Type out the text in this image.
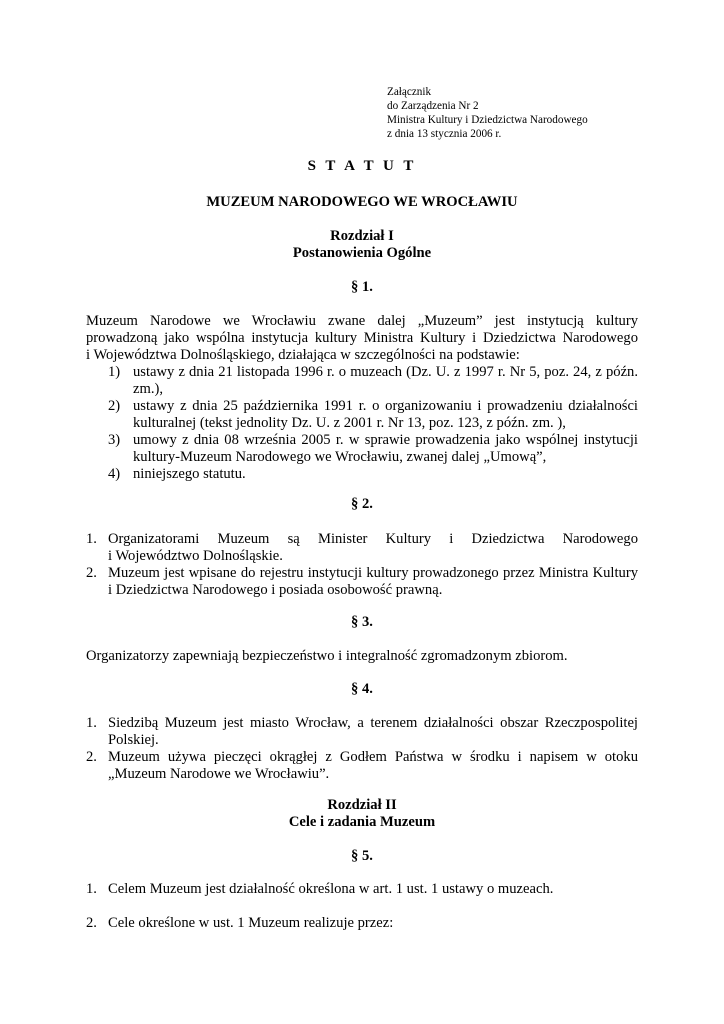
Załącznik
do Zarządzenia Nr 2
Ministra Kultury i Dziedzictwa Narodowego
z dnia 13 stycznia 2006 r.
S T A T U T
MUZEUM NARODOWEGO WE WROCŁAWIU
Rozdział I
Postanowienia Ogólne
§ 1.
Muzeum Narodowe we Wrocławiu zwane dalej „Muzeum” jest instytucją kultury
prowadzoną jako wspólna instytucja kultury Ministra Kultury i Dziedzictwa Narodowego
i Województwa Dolnośląskiego, działająca w szczególności na podstawie:
1) ustawy z dnia 21 listopada 1996 r. o muzeach (Dz. U. z 1997 r. Nr 5, poz. 24, z późn.
zm.),
2) ustawy z dnia 25 października 1991 r. o organizowaniu i prowadzeniu działalności
kulturalnej (tekst jednolity Dz. U. z 2001 r. Nr 13, poz. 123, z późn. zm. ),
3) umowy z dnia 08 września 2005 r. w sprawie prowadzenia jako wspólnej instytucji
kultury-Muzeum Narodowego we Wrocławiu, zwanej dalej „Umową”,
4) niniejszego statutu.
§ 2.
1. Organizatorami Muzeum są Minister Kultury i Dziedzictwa Narodowego
i Województwo Dolnośląskie.
2. Muzeum jest wpisane do rejestru instytucji kultury prowadzonego przez Ministra Kultury
i Dziedzictwa Narodowego i posiada osobowość prawną.
§ 3.
Organizatorzy zapewniają bezpieczeństwo i integralność zgromadzonym zbiorom.
§ 4.
1. Siedzibą Muzeum jest miasto Wrocław, a terenem działalności obszar Rzeczpospolitej
Polskiej.
2. Muzeum używa pieczęci okrągłej z Godłem Państwa w środku i napisem w otoku
„Muzeum Narodowe we Wrocławiu”.
Rozdział II
Cele i zadania Muzeum
§ 5.
1. Celem Muzeum jest działalność określona w art. 1 ust. 1 ustawy o muzeach.
2. Cele określone w ust. 1 Muzeum realizuje przez:
